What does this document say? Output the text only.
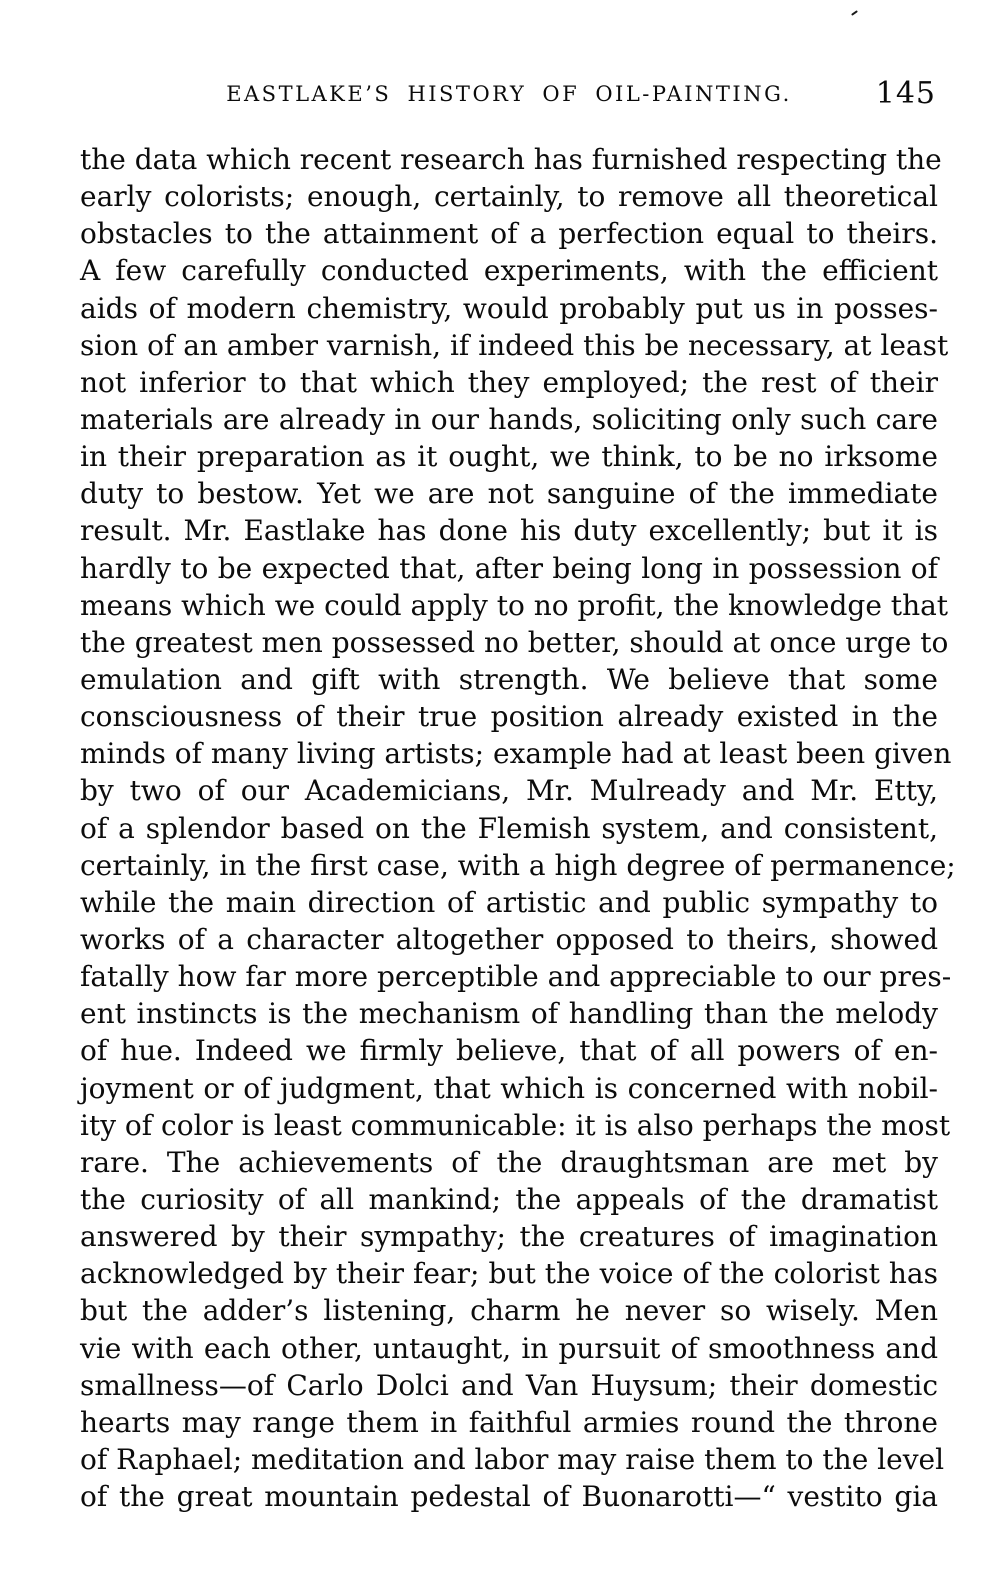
EASTLAKE’S HISTORY OF OIL-PAINTING.	145
the data which recent research has furnished respecting the
early colorists; enough, certainly, to remove all theoretical
obstacles to the attainment of a perfection equal to theirs.
A few carefully conducted experiments, with the efficient
aids of modern chemistry, would probably put us in posses-
sion of an amber varnish, if indeed this be necessary, at least
not inferior to that which they employed; the rest of their
materials are already in our hands, soliciting only such care
in their preparation as it ought, we think, to be no irksome
duty to bestow. Yet we are not sanguine of the immediate
result. Mr. Eastlake has done his duty excellently; but it is
hardly to be expected that, after being long in possession of
means which we could apply to no profit, the knowledge that
the greatest men possessed no better, should at once urge to
emulation and gift with strength. We believe that some
consciousness of their true position already existed in the
minds of many living artists; example had at least been given
by two of our Academicians, Mr. Mulready and Mr. Etty,
of a splendor based on the Flemish system, and consistent,
certainly, in the first case, with a high degree of permanence;
while the main direction of artistic and public sympathy to
works of a character altogether opposed to theirs, showed
fatally how far more perceptible and appreciable to our pres-
ent instincts is the mechanism of handling than the melody
of hue. Indeed we firmly believe, that of all powers of en-
joyment or of judgment, that which is concerned with nobil-
ity of color is least communicable: it is also perhaps the most
rare. The achievements of the draughtsman are met by
the curiosity of all mankind; the appeals of the dramatist
answered by their sympathy; the creatures of imagination
acknowledged by their fear; but the voice of the colorist has
but the adder’s listening, charm he never so wisely. Men
vie with each other, untaught, in pursuit of smoothness and
smallness—of Carlo Dolci and Van Huysum; their domestic
hearts may range them in faithful armies round the throne
of Raphael; meditation and labor may raise them to the level
of the great mountain pedestal of Buonarotti—“ vestito gia
